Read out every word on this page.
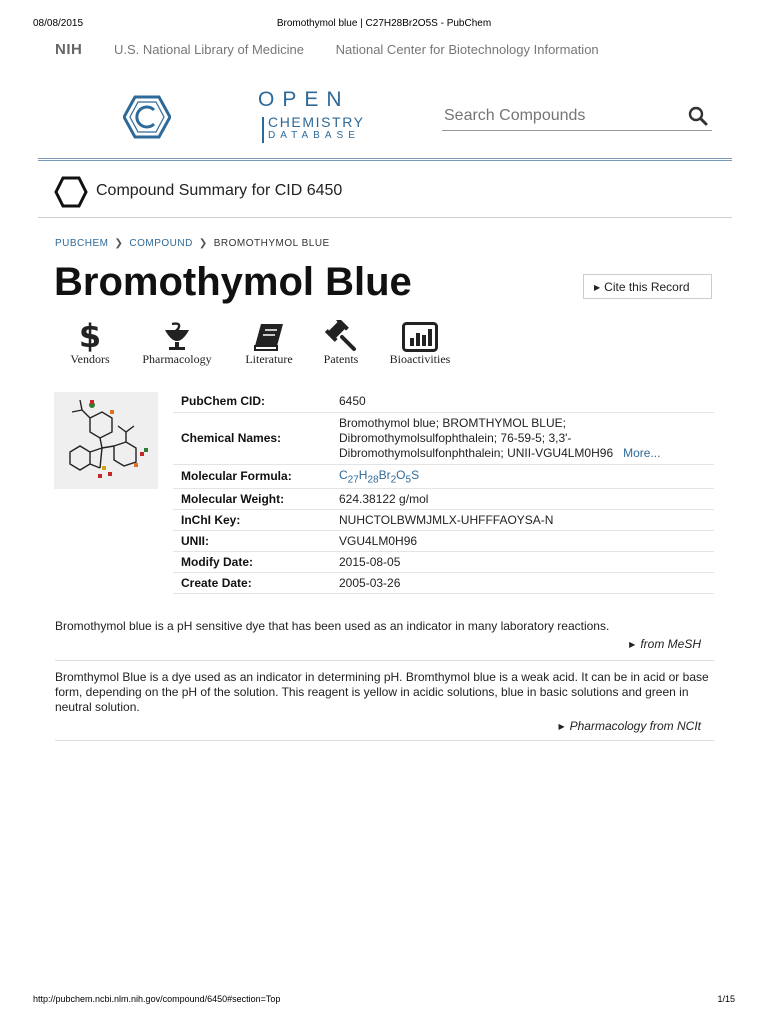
08/08/2015	Bromothymol blue | C27H28Br2O5S - PubChem
NIH U.S. National Library of Medicine National Center for Biotechnology Information
OPEN
CHEMISTRY
DATABASE
Search Compounds
Compound Summary for CID 6450
PUBCHEM ❯ COMPOUND ❯ BROMOTHYMOL BLUE
Bromothymol Blue	▶ Cite this Record
$
Vendors	Pharmacology	Literature	Patents	Bioactivities
PubChem CID:	6450
Chemical Names:	Bromothymol blue; BROMTHYMOL BLUE; Dibromothymolsulfophthalein; 76-59-5; 3,3'-Dibromothymolsulfonphthalein; UNII-VGU4LM0H96 More...
Molecular Formula:	$C_{27}H_{28}Br_2O_5S$
Molecular Weight:	624.38122 g/mol
InChI Key:	NUHCTOLBWMJMLX-UHFFFAOYSA-N
UNII:	VGU4LM0H96
Modify Date:	2015-08-05
Create Date:	2005-03-26
Bromothymol blue is a pH sensitive dye that has been used as an indicator in many laboratory reactions.
▶ from MeSH
Bromthymol Blue is a dye used as an indicator in determining pH. Bromthymol blue is a weak acid. It can be in acid or base form, depending on the pH of the solution. This reagent is yellow in acidic solutions, blue in basic solutions and green in neutral solution.
▶ Pharmacology from NCIt
http://pubchem.ncbi.nlm.nih.gov/compound/6450#section=Top	1/15
